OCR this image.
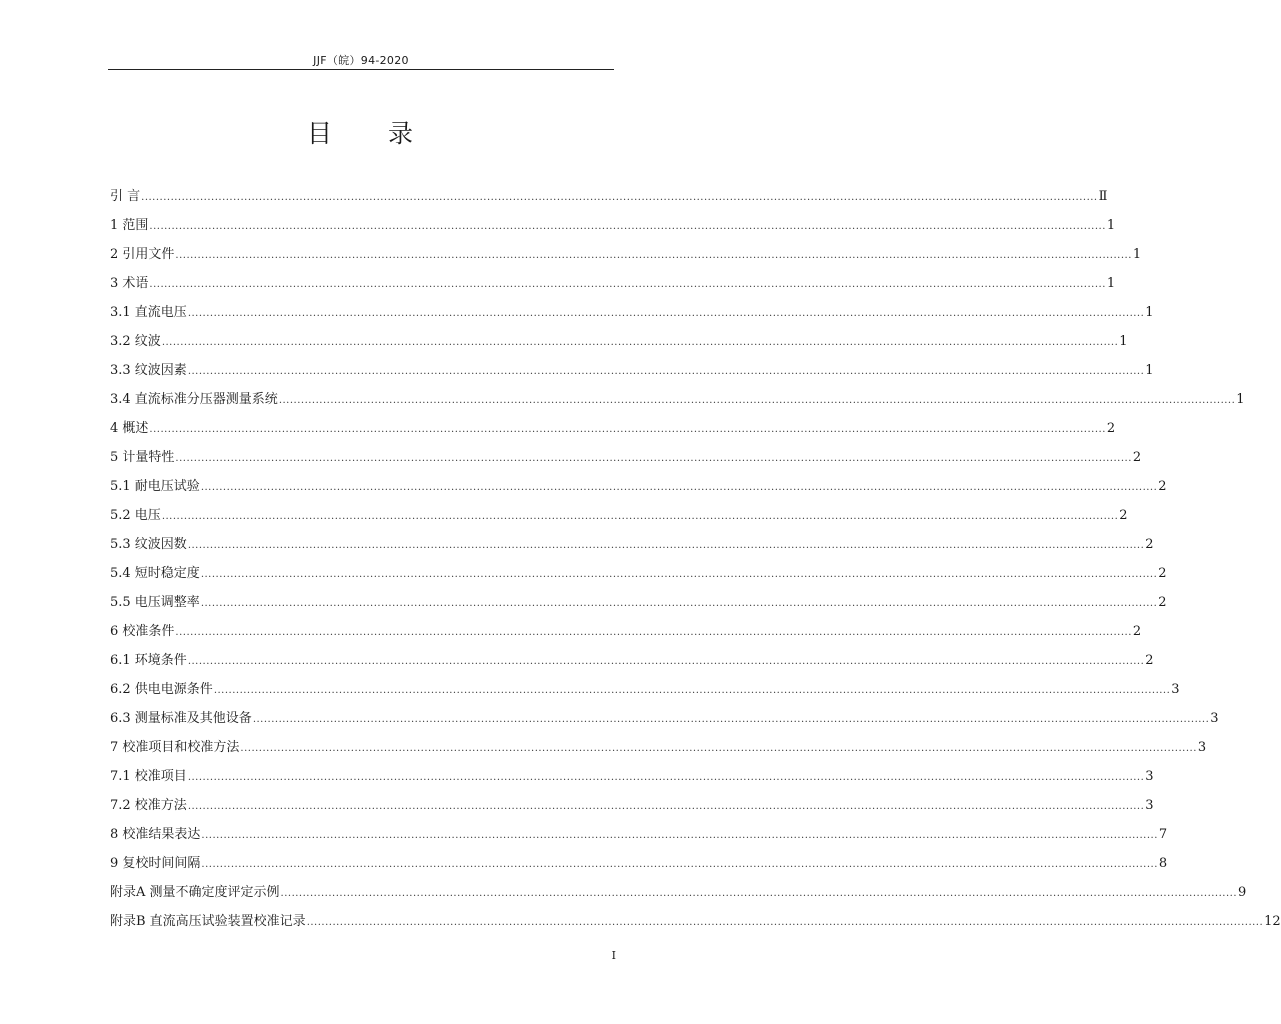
JJF（皖）94-2020
目　　录
引 言 .................................................................................................................................................................................................................................................................... Ⅱ
1 范围 .................................................................................................................................................................................................................................................................... 1
2 引用文件 .................................................................................................................................................................................................................................................................... 1
3 术语 .................................................................................................................................................................................................................................................................... 1
3.1 直流电压 .................................................................................................................................................................................................................................................................... 1
3.2 纹波 .................................................................................................................................................................................................................................................................... 1
3.3 纹波因素 .................................................................................................................................................................................................................................................................... 1
3.4 直流标准分压器测量系统 .................................................................................................................................................................................................................................................................... 1
4 概述 .................................................................................................................................................................................................................................................................... 2
5 计量特性 .................................................................................................................................................................................................................................................................... 2
5.1 耐电压试验 .................................................................................................................................................................................................................................................................... 2
5.2 电压 .................................................................................................................................................................................................................................................................... 2
5.3 纹波因数 .................................................................................................................................................................................................................................................................... 2
5.4 短时稳定度 .................................................................................................................................................................................................................................................................... 2
5.5 电压调整率 .................................................................................................................................................................................................................................................................... 2
6 校准条件 .................................................................................................................................................................................................................................................................... 2
6.1 环境条件 .................................................................................................................................................................................................................................................................... 2
6.2 供电电源条件 .................................................................................................................................................................................................................................................................... 3
6.3 测量标准及其他设备 .................................................................................................................................................................................................................................................................... 3
7 校准项目和校准方法 .................................................................................................................................................................................................................................................................... 3
7.1 校准项目 .................................................................................................................................................................................................................................................................... 3
7.2 校准方法 .................................................................................................................................................................................................................................................................... 3
8 校准结果表达 .................................................................................................................................................................................................................................................................... 7
9 复校时间间隔 .................................................................................................................................................................................................................................................................... 8
附录A 测量不确定度评定示例 .................................................................................................................................................................................................................................................................... 9
附录B 直流高压试验装置校准记录 .................................................................................................................................................................................................................................................................... 12
I
